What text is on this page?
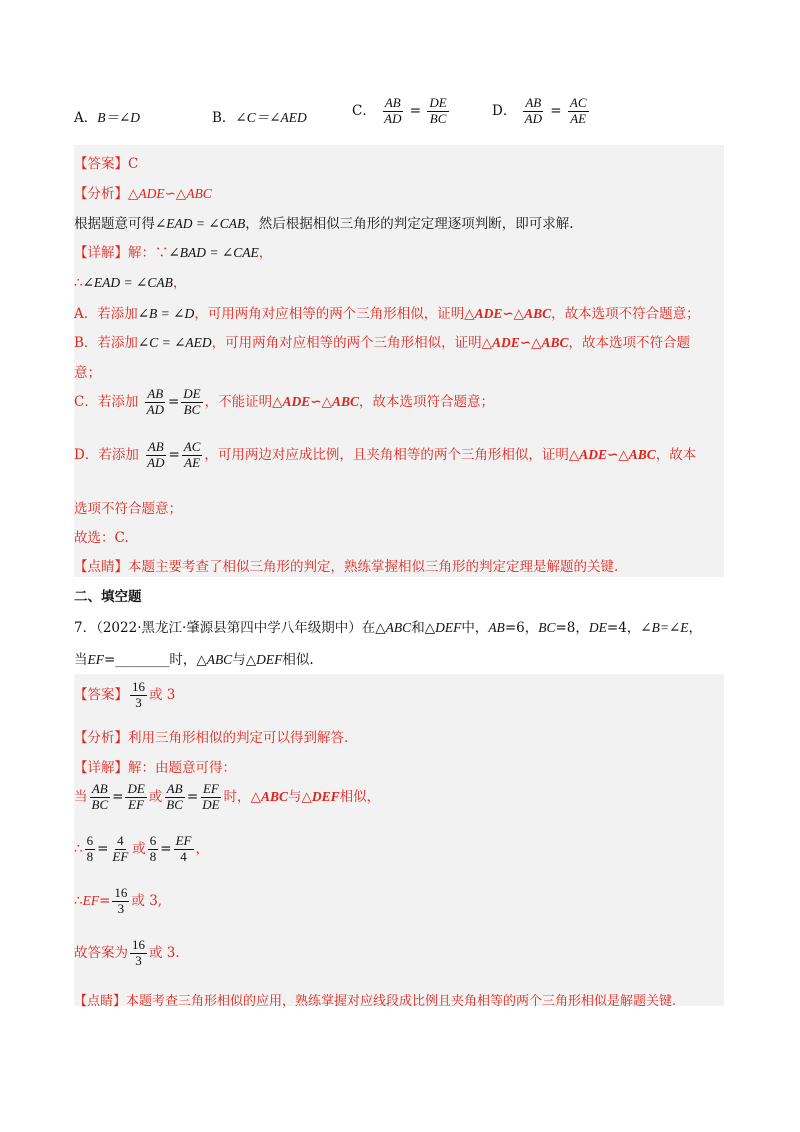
A．B＝∠D	B．∠C＝∠AED	C． $\frac{AB}{AD} = \frac{DE}{BC}$	D． $\frac{AB}{AD} = \frac{AC}{AE}$
【答案】C
【分析】△ADE∽△ABC
根据题意可得∠EAD = ∠CAB，然后根据相似三角形的判定定理逐项判断，即可求解.
【详解】解：∵∠BAD = ∠CAE，
∴∠EAD = ∠CAB，
A．若添加∠B = ∠D，可用两角对应相等的两个三角形相似，证明△ADE∽△ABC，故本选项不符合题意；
B．若添加∠C = ∠AED，可用两角对应相等的两个三角形相似，证明△ADE∽△ABC，故本选项不符合题
意；
C．若添加 $\frac{AB}{AD} = \frac{DE}{BC}$ ，不能证明△ADE∽△ABC，故本选项符合题意；
D．若添加 $\frac{AB}{AD} = \frac{AC}{AE}$ ，可用两边对应成比例，且夹角相等的两个三角形相似，证明△ADE∽△ABC，故本
选项不符合题意；
故选：C.
【点睛】本题主要考查了相似三角形的判定，熟练掌握相似三角形的判定定理是解题的关键.
二、填空题
7．（2022·黑龙江·肇源县第四中学八年级期中）在△ABC和△DEF中，AB=6，BC=8，DE=4，∠B=∠E，
当EF=________时，△ABC与△DEF相似.
【答案】 $\frac{16}{3}$ 或 3
【分析】利用三角形相似的判定可以得到解答.
【详解】解：由题意可得：
当 $\frac{AB}{BC} = \frac{DE}{EF}$ 或 $\frac{AB}{BC} = \frac{EF}{DE}$ 时，△ABC与△DEF相似，
∴ $\frac{6}{8} = \frac{4}{EF}$ 或 $\frac{6}{8} = \frac{EF}{4}$ ，
∴EF= $\frac{16}{3}$ 或 3,
故答案为 $\frac{16}{3}$ 或 3.
【点睛】本题考查三角形相似的应用，熟练掌握对应线段成比例且夹角相等的两个三角形相似是解题关键.
